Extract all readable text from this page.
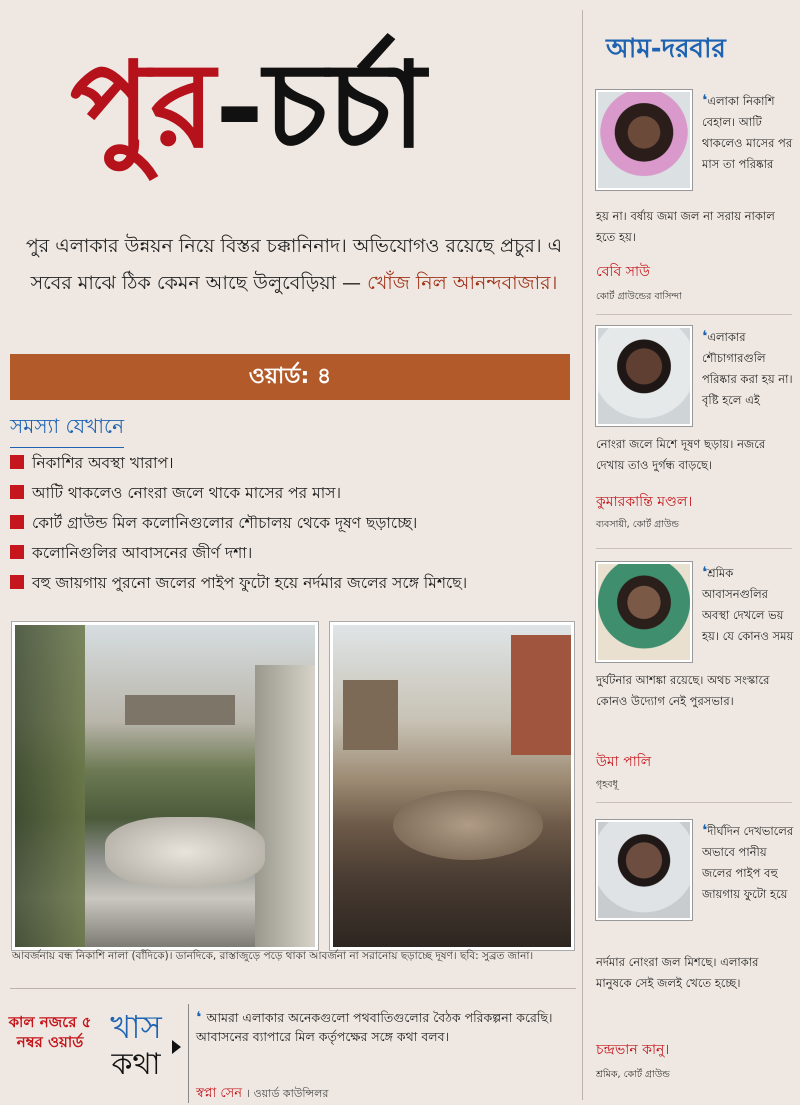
পুর-চর্চা
পুর এলাকার উন্নয়ন নিয়ে বিস্তর চক্কানিনাদ। অভিযোগও রয়েছে প্রচুর। এ সবের মাঝে ঠিক কেমন আছে উলুবেড়িয়া — খোঁজ নিল আনন্দবাজার।
ওয়ার্ড: ৪
সমস্যা যেখানে
নিকাশির অবস্থা খারাপ।
আটি থাকলেও নোংরা জলে থাকে মাসের পর মাস।
কোর্ট গ্রাউন্ড মিল কলোনিগুলোর শৌচালয় থেকে দূষণ ছড়াচ্ছে।
কলোনিগুলির আবাসনের জীর্ণ দশা।
বহু জায়গায় পুরনো জলের পাইপ ফুটো হয়ে নর্দমার জলের সঙ্গে মিশছে।
আবর্জনায় বন্ধ নিকাশি নালা (বাঁদিকে)। ডানদিকে, রাস্তাজুড়ে পড়ে থাকা আবর্জনা না সরানোয় ছড়াচ্ছে দূষণ। ছবি: সুব্রত জানা।
কাল নজরে ৫ নম্বর ওয়ার্ড খাস
কথা
❛ আমরা এলাকার অনেকগুলো পথবাতিগুলোর বৈঠক পরিকল্পনা করেছি। আবাসনের ব্যাপারে মিল কর্তৃপক্ষের সঙ্গে কথা বলব।
স্বপ্না সেন । ওয়ার্ড কাউন্সিলর
আম-দরবার
❛এলাকা নিকাশি বেহাল। আটি থাকলেও মাসের পর মাস তা পরিষ্কার
হয় না। বর্ষায় জমা জল না সরায় নাকাল হতে হয়।
বেবি সাউ
কোর্ট গ্রাউন্ডের বাসিন্দা
❛এলাকার শৌচাগারগুলি পরিষ্কার করা হয় না। বৃষ্টি হলে এই
নোংরা জলে মিশে দূষণ ছড়ায়। নজরে দেখায় তাও দুর্গন্ধ বাড়ছে।
কুমারকান্তি মণ্ডল।
ব্যবসায়ী, কোর্ট গ্রাউন্ড
❛শ্রমিক আবাসনগুলির অবস্থা দেখলে ভয় হয়। যে কোনও সময়
দুর্ঘটনার আশঙ্কা রয়েছে। অথচ সংস্কারে কোনও উদ্যোগ নেই পুরসভার।
উমা পালি
গৃহবধূ
❛দীর্ঘদিন দেখভালের অভাবে পানীয় জলের পাইপ বহু জায়গায় ফুটো হয়ে
নর্দমার নোংরা জল মিশছে। এলাকার মানুষকে সেই জলই খেতে হচ্ছে।
চন্দ্রভান কানু।
শ্রমিক, কোর্ট গ্রাউন্ড
